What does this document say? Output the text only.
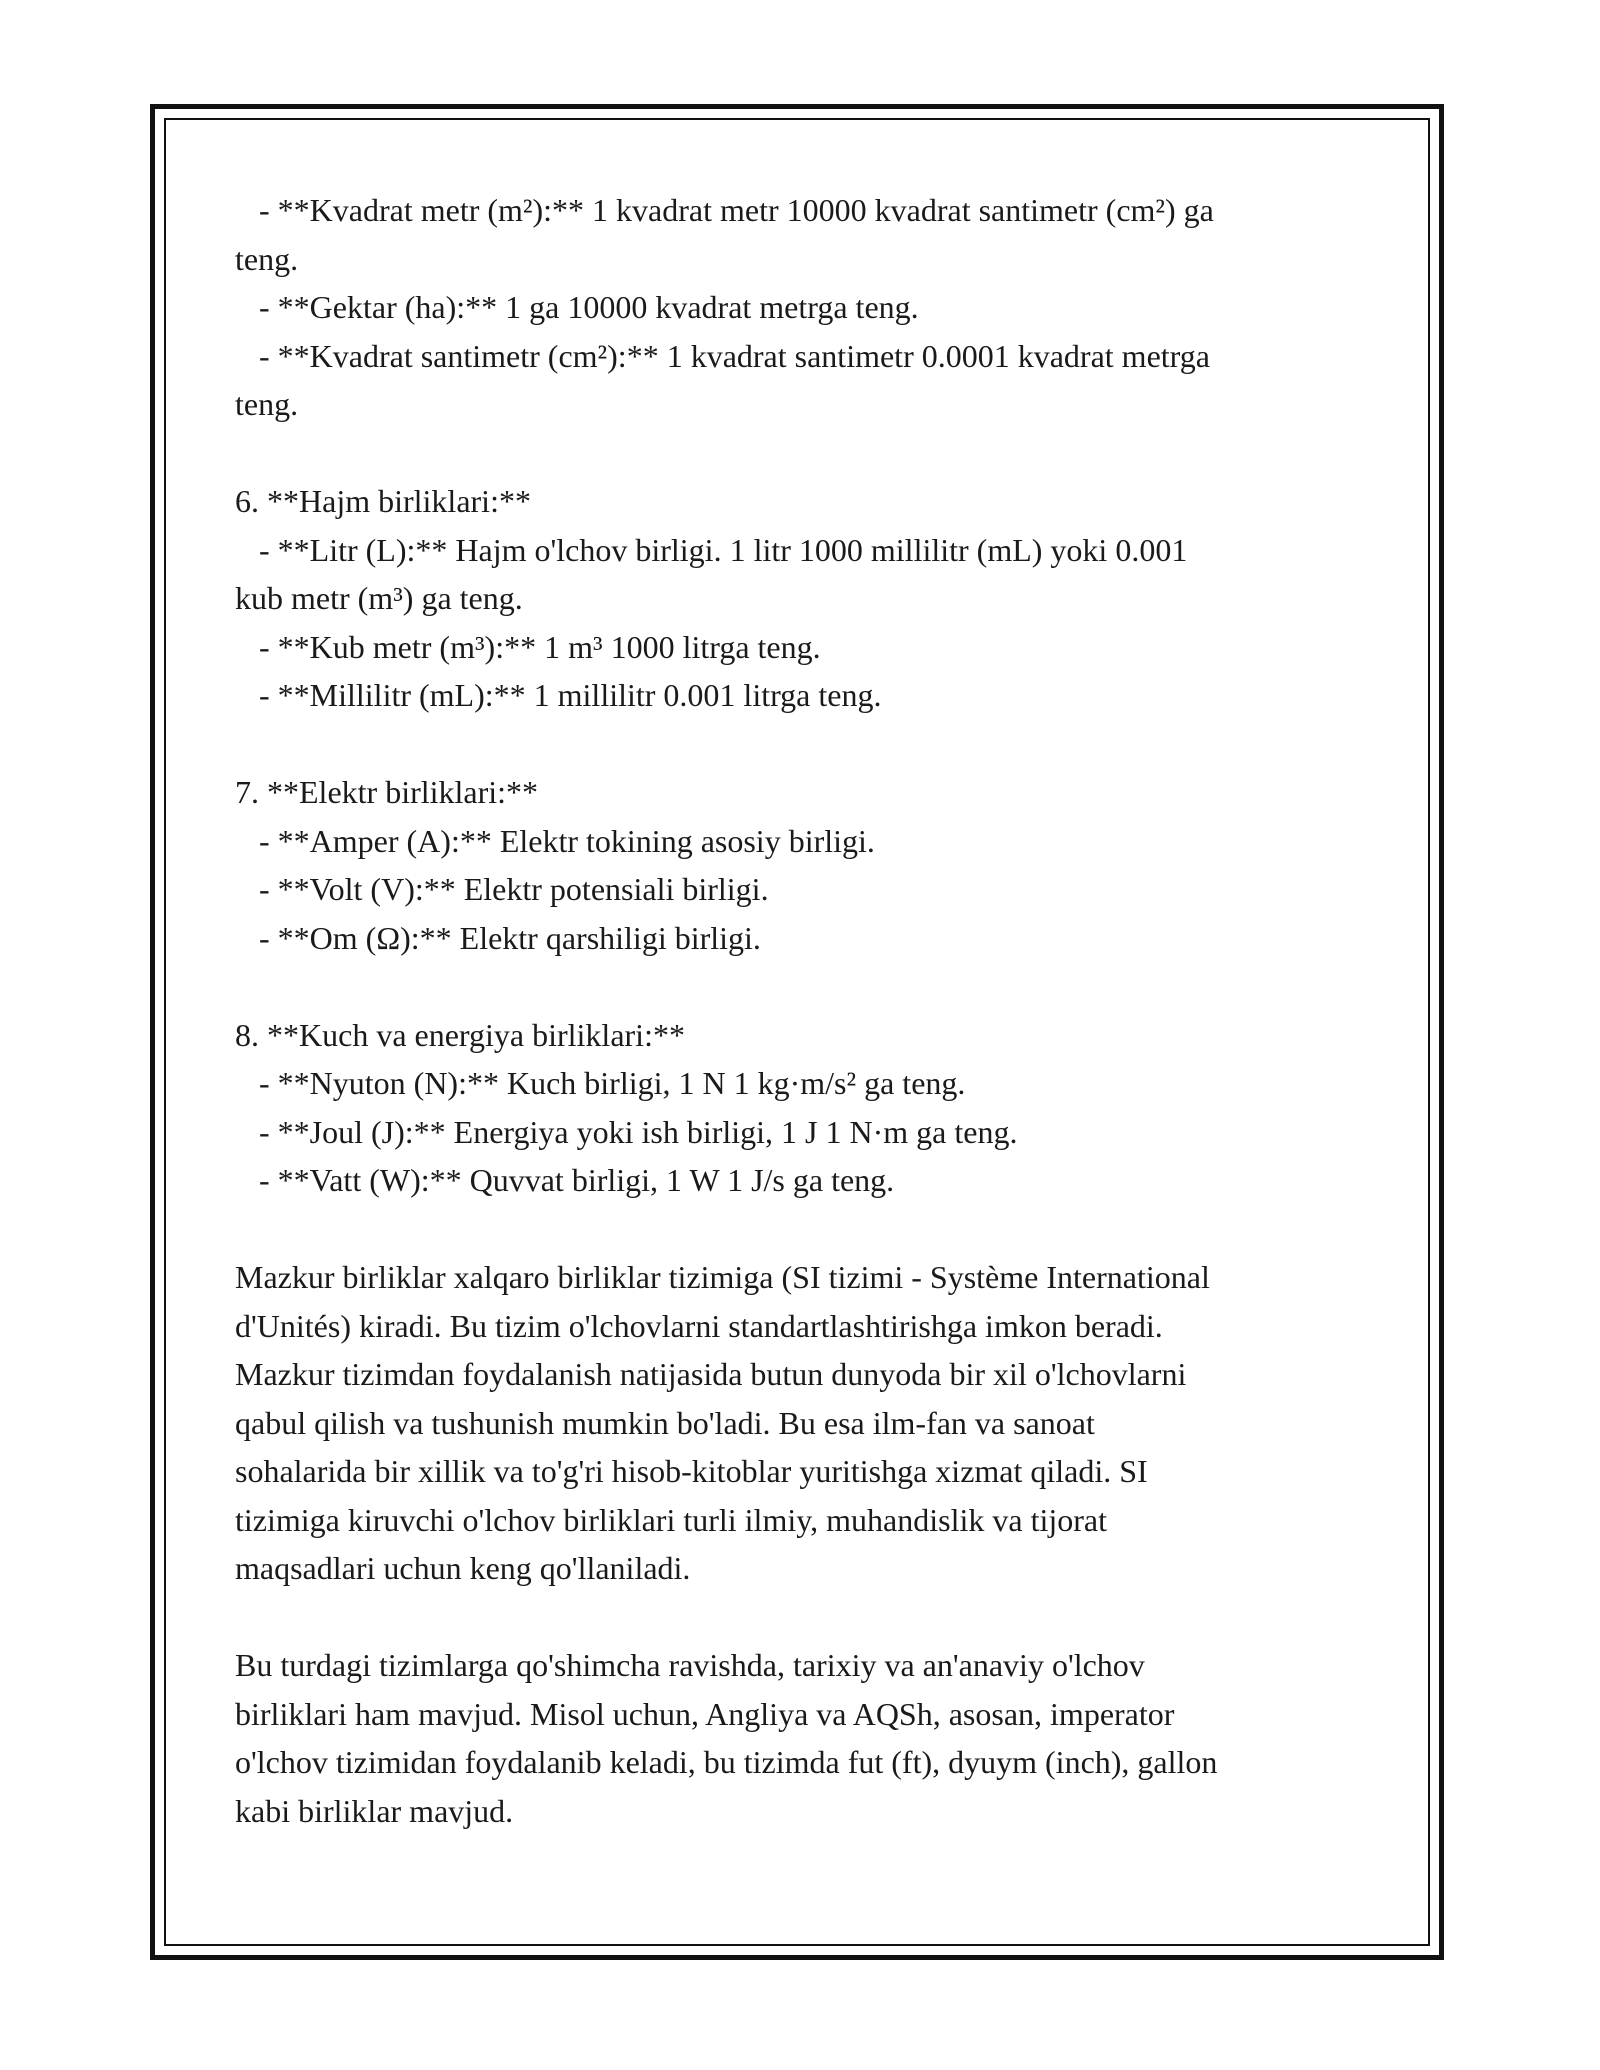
- **Kvadrat metr (m²):** 1 kvadrat metr 10000 kvadrat santimetr (cm²) ga
teng.
- **Gektar (ha):** 1 ga 10000 kvadrat metrga teng.
- **Kvadrat santimetr (cm²):** 1 kvadrat santimetr 0.0001 kvadrat metrga
teng.
6. **Hajm birliklari:**
- **Litr (L):** Hajm o'lchov birligi. 1 litr 1000 millilitr (mL) yoki 0.001
kub metr (m³) ga teng.
- **Kub metr (m³):** 1 m³ 1000 litrga teng.
- **Millilitr (mL):** 1 millilitr 0.001 litrga teng.
7. **Elektr birliklari:**
- **Amper (A):** Elektr tokining asosiy birligi.
- **Volt (V):** Elektr potensiali birligi.
- **Om (Ω):** Elektr qarshiligi birligi.
8. **Kuch va energiya birliklari:**
- **Nyuton (N):** Kuch birligi, 1 N 1 kg·m/s² ga teng.
- **Joul (J):** Energiya yoki ish birligi, 1 J 1 N·m ga teng.
- **Vatt (W):** Quvvat birligi, 1 W 1 J/s ga teng.
Mazkur birliklar xalqaro birliklar tizimiga (SI tizimi - Système International
d'Unités) kiradi. Bu tizim o'lchovlarni standartlashtirishga imkon beradi.
Mazkur tizimdan foydalanish natijasida butun dunyoda bir xil o'lchovlarni
qabul qilish va tushunish mumkin bo'ladi. Bu esa ilm-fan va sanoat
sohalarida bir xillik va to'g'ri hisob-kitoblar yuritishga xizmat qiladi. SI
tizimiga kiruvchi o'lchov birliklari turli ilmiy, muhandislik va tijorat
maqsadlari uchun keng qo'llaniladi.
Bu turdagi tizimlarga qo'shimcha ravishda, tarixiy va an'anaviy o'lchov
birliklari ham mavjud. Misol uchun, Angliya va AQSh, asosan, imperator
o'lchov tizimidan foydalanib keladi, bu tizimda fut (ft), dyuym (inch), gallon
kabi birliklar mavjud.
